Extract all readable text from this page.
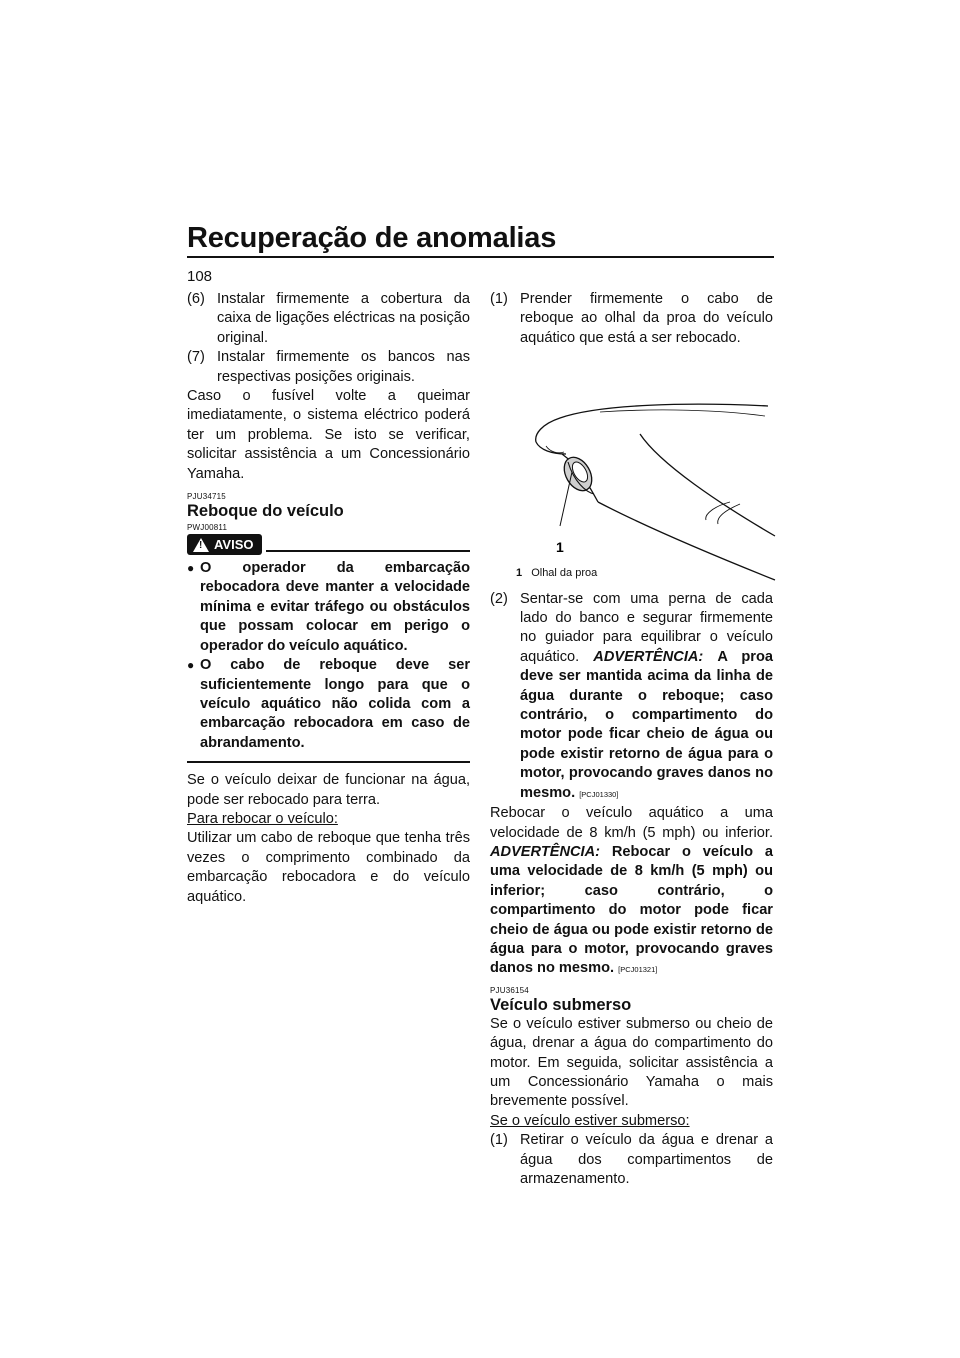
Recuperação de anomalias
108
(6) Instalar firmemente a cobertura da caixa de ligações eléctricas na posição original.
(7) Instalar firmemente os bancos nas respectivas posições originais.

Caso o fusível volte a queimar imediatamente, o sistema eléctrico poderá ter um problema. Se isto se verificar, solicitar assistência a um Concessionário Yamaha.

PJU34715
Reboque do veículo
PWJ00811
! AVISO
● O operador da embarcação rebocadora deve manter a velocidade mínima e evitar tráfego ou obstáculos que possam colocar em perigo o operador do veículo aquático.
● O cabo de reboque deve ser suficientemente longo para que o veículo aquático não colida com a embarcação rebocadora em caso de abrandamento.

Se o veículo deixar de funcionar na água, pode ser rebocado para terra.

Para rebocar o veículo:

Utilizar um cabo de reboque que tenha três vezes o comprimento combinado da embarcação rebocadora e do veículo aquático.

(1) Prender firmemente o cabo de reboque ao olhal da proa do veículo aquático que está a ser rebocado.
1
1 Olhal da proa
(2) Sentar-se com uma perna de cada lado do banco e segurar firmemente no guiador para equilibrar o veículo aquático. ADVERTÊNCIA: A proa deve ser mantida acima da linha de água durante o reboque; caso contrário, o compartimento do motor pode ficar cheio de água ou pode existir retorno de água para o motor, provocando graves danos no mesmo. [PCJ01330]

Rebocar o veículo aquático a uma velocidade de 8 km/h (5 mph) ou inferior. ADVERTÊNCIA: Rebocar o veículo a uma velocidade de 8 km/h (5 mph) ou inferior; caso contrário, o compartimento do motor pode ficar cheio de água ou pode existir retorno de água para o motor, provocando graves danos no mesmo. [PCJ01321]

PJU36154
Veículo submerso

Se o veículo estiver submerso ou cheio de água, drenar a água do compartimento do motor. Em seguida, solicitar assistência a um Concessionário Yamaha o mais brevemente possível.

Se o veículo estiver submerso:

(1) Retirar o veículo da água e drenar a água dos compartimentos de armazenamento.
